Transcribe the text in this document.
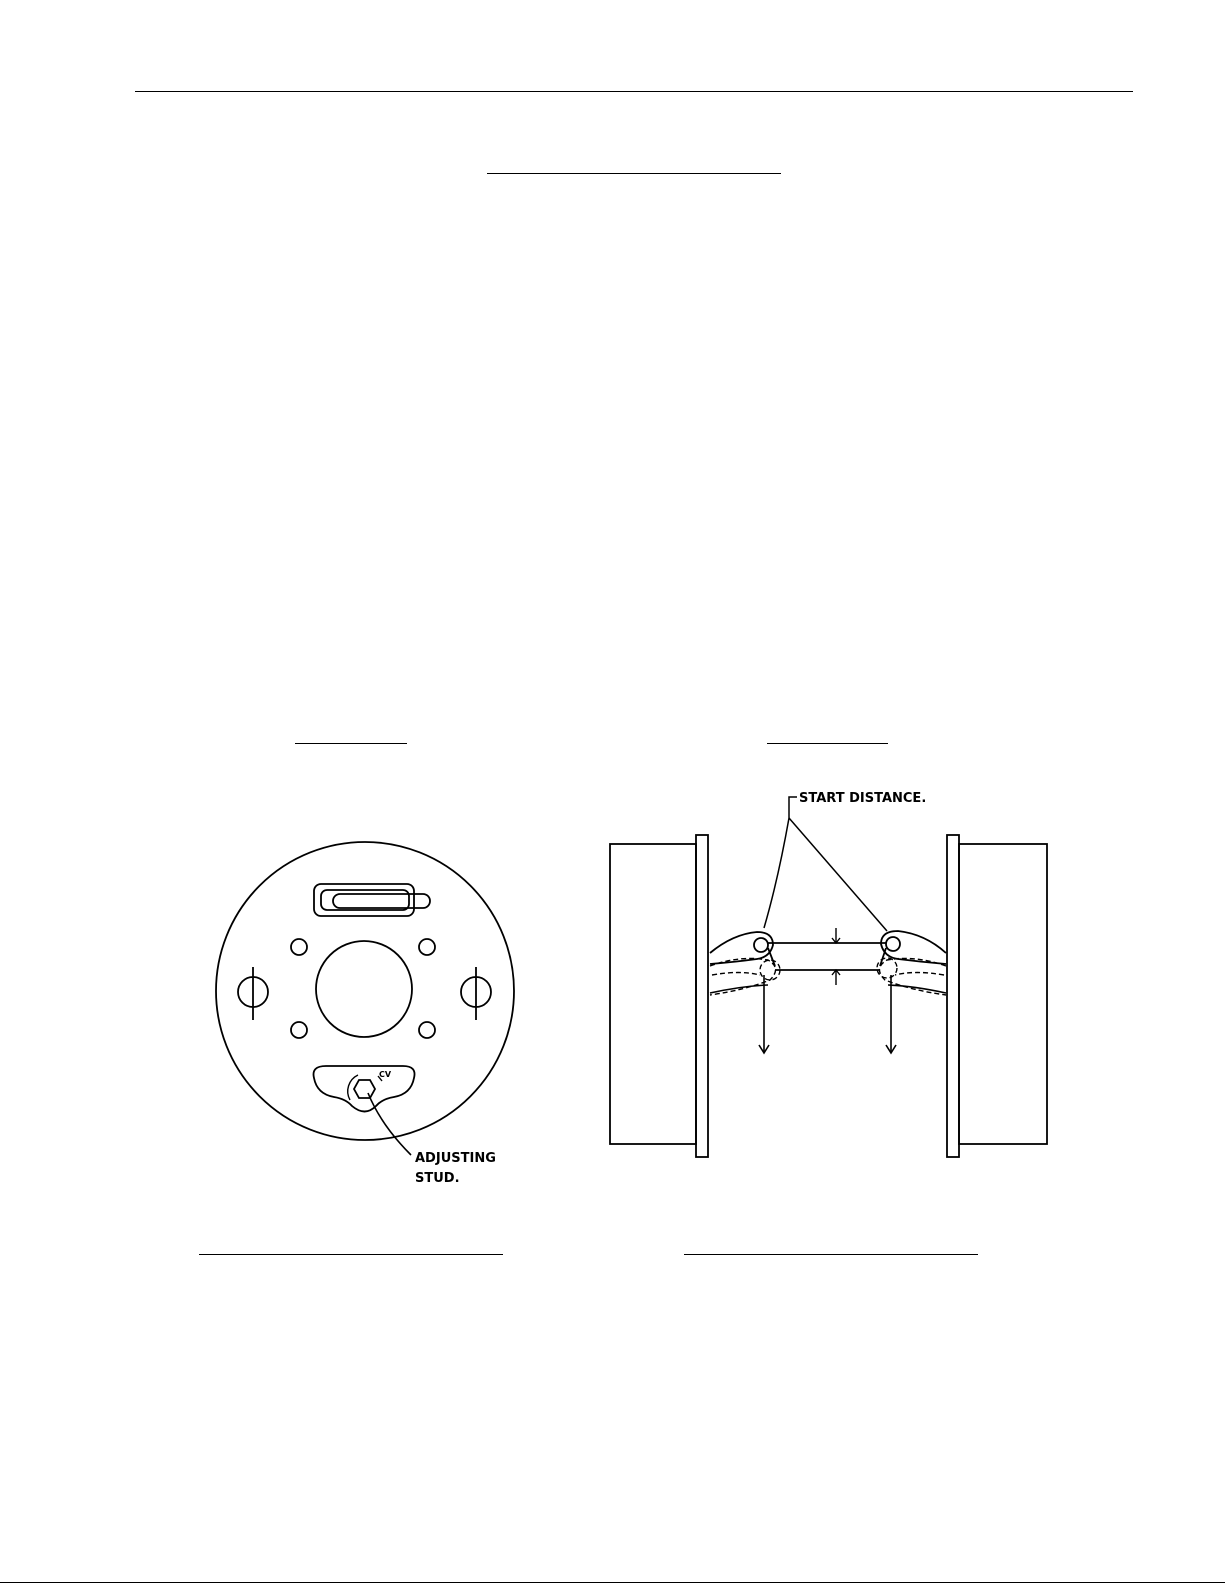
CV
ADJUSTING
STUD.
START DISTANCE.
